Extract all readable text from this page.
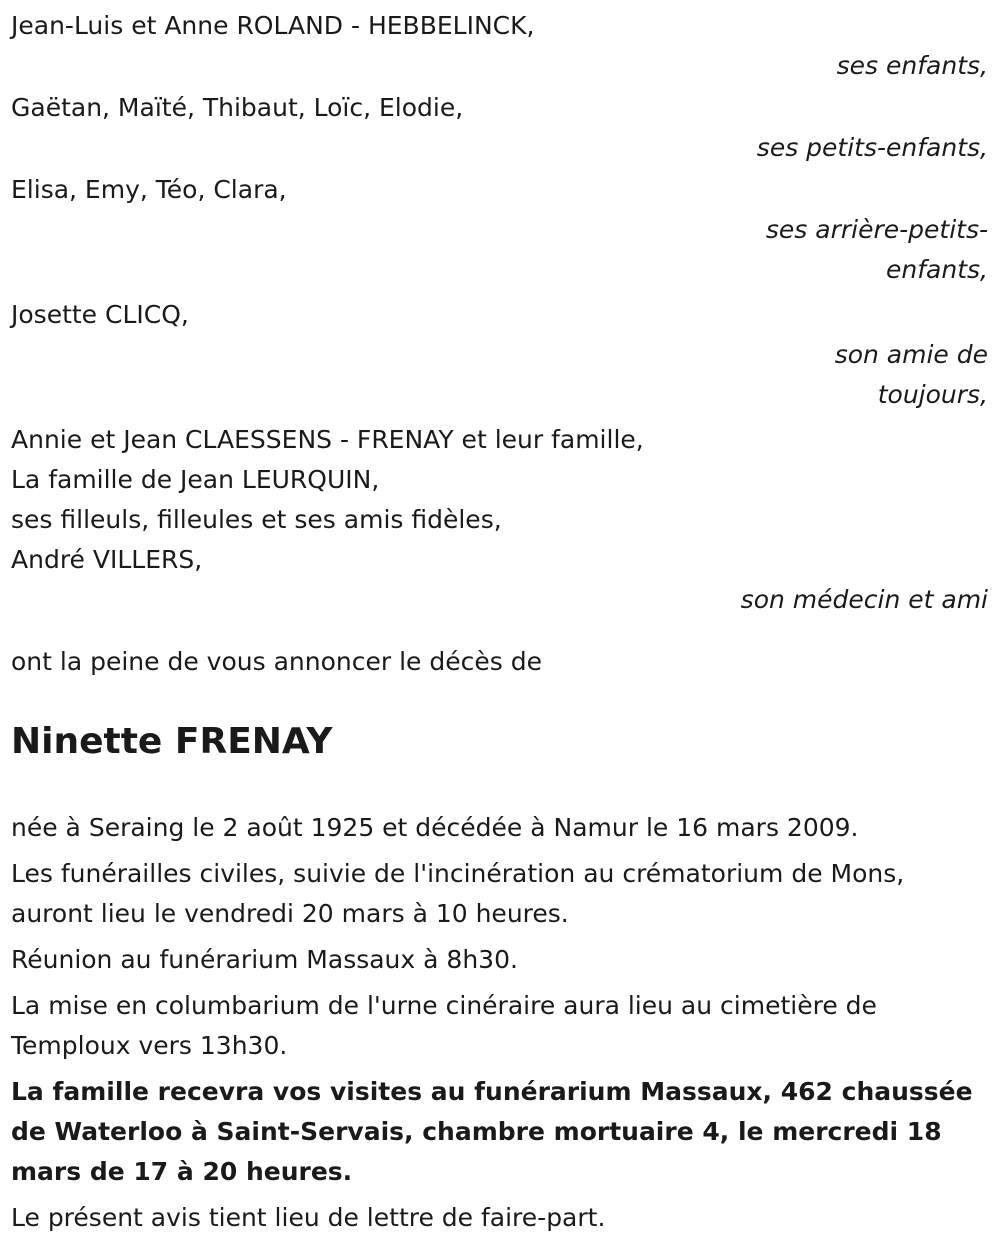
Jean-Luis et Anne ROLAND - HEBBELINCK,
ses enfants,
Gaëtan, Maïté, Thibaut, Loïc, Elodie,
ses petits-enfants,
Elisa, Emy, Téo, Clara,
ses arrière-petits-
enfants,
Josette CLICQ,
son amie de
toujours,
Annie et Jean CLAESSENS - FRENAY et leur famille,
La famille de Jean LEURQUIN,
ses filleuls, filleules et ses amis fidèles,
André VILLERS,
son médecin et ami
ont la peine de vous annoncer le décès de
Ninette FRENAY

née à Seraing le 2 août 1925 et décédée à Namur le 16 mars 2009.

Les funérailles civiles, suivie de l'incinération au crématorium de Mons, auront lieu le vendredi 20 mars à 10 heures.

Réunion au funérarium Massaux à 8h30.

La mise en columbarium de l'urne cinéraire aura lieu au cimetière de Temploux vers 13h30.

La famille recevra vos visites au funérarium Massaux, 462 chaussée de Waterloo à Saint-Servais, chambre mortuaire 4, le mercredi 18 mars de 17 à 20 heures.

Le présent avis tient lieu de lettre de faire-part.
